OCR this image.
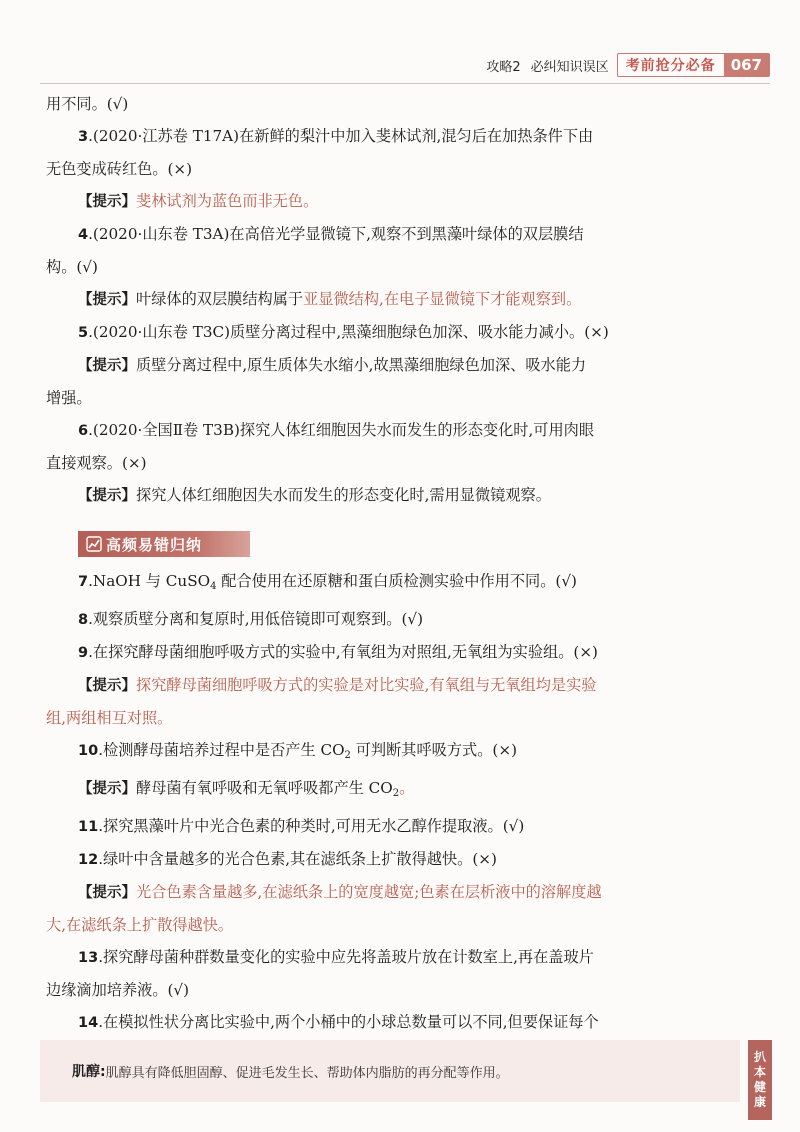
攻略2 必纠知识误区	考前抢分必备	067
用不同。(√)
3.(2020·江苏卷 T17A)在新鲜的梨汁中加入斐林试剂,混匀后在加热条件下由
无色变成砖红色。(×)
【提示】斐林试剂为蓝色而非无色。
4.(2020·山东卷 T3A)在高倍光学显微镜下,观察不到黑藻叶绿体的双层膜结
构。(√)
【提示】叶绿体的双层膜结构属于亚显微结构,在电子显微镜下才能观察到。
5.(2020·山东卷 T3C)质壁分离过程中,黑藻细胞绿色加深、吸水能力减小。(×)
【提示】质壁分离过程中,原生质体失水缩小,故黑藻细胞绿色加深、吸水能力
增强。
6.(2020·全国Ⅱ卷 T3B)探究人体红细胞因失水而发生的形态变化时,可用肉眼
直接观察。(×)
【提示】探究人体红细胞因失水而发生的形态变化时,需用显微镜观察。
高频易错归纳
7.NaOH 与 CuSO$_4$ 配合使用在还原糖和蛋白质检测实验中作用不同。(√)
8.观察质壁分离和复原时,用低倍镜即可观察到。(√)
9.在探究酵母菌细胞呼吸方式的实验中,有氧组为对照组,无氧组为实验组。(×)
【提示】探究酵母菌细胞呼吸方式的实验是对比实验,有氧组与无氧组均是实验
组,两组相互对照。
10.检测酵母菌培养过程中是否产生 $CO_2$ 可判断其呼吸方式。(×)
【提示】酵母菌有氧呼吸和无氧呼吸都产生 $CO_2$。
11.探究黑藻叶片中光合色素的种类时,可用无水乙醇作提取液。(√)
12.绿叶中含量越多的光合色素,其在滤纸条上扩散得越快。(×)
【提示】光合色素含量越多,在滤纸条上的宽度越宽;色素在层析液中的溶解度越
大,在滤纸条上扩散得越快。
13.探究酵母菌种群数量变化的实验中应先将盖玻片放在计数室上,再在盖玻片
边缘滴加培养液。(√)
14.在模拟性状分离比实验中,两个小桶中的小球总数量可以不同,但要保证每个
肌醇: 肌醇具有降低胆固醇、促进毛发生长、帮助体内脂肪的再分配等作用。
扒
本
健
康
